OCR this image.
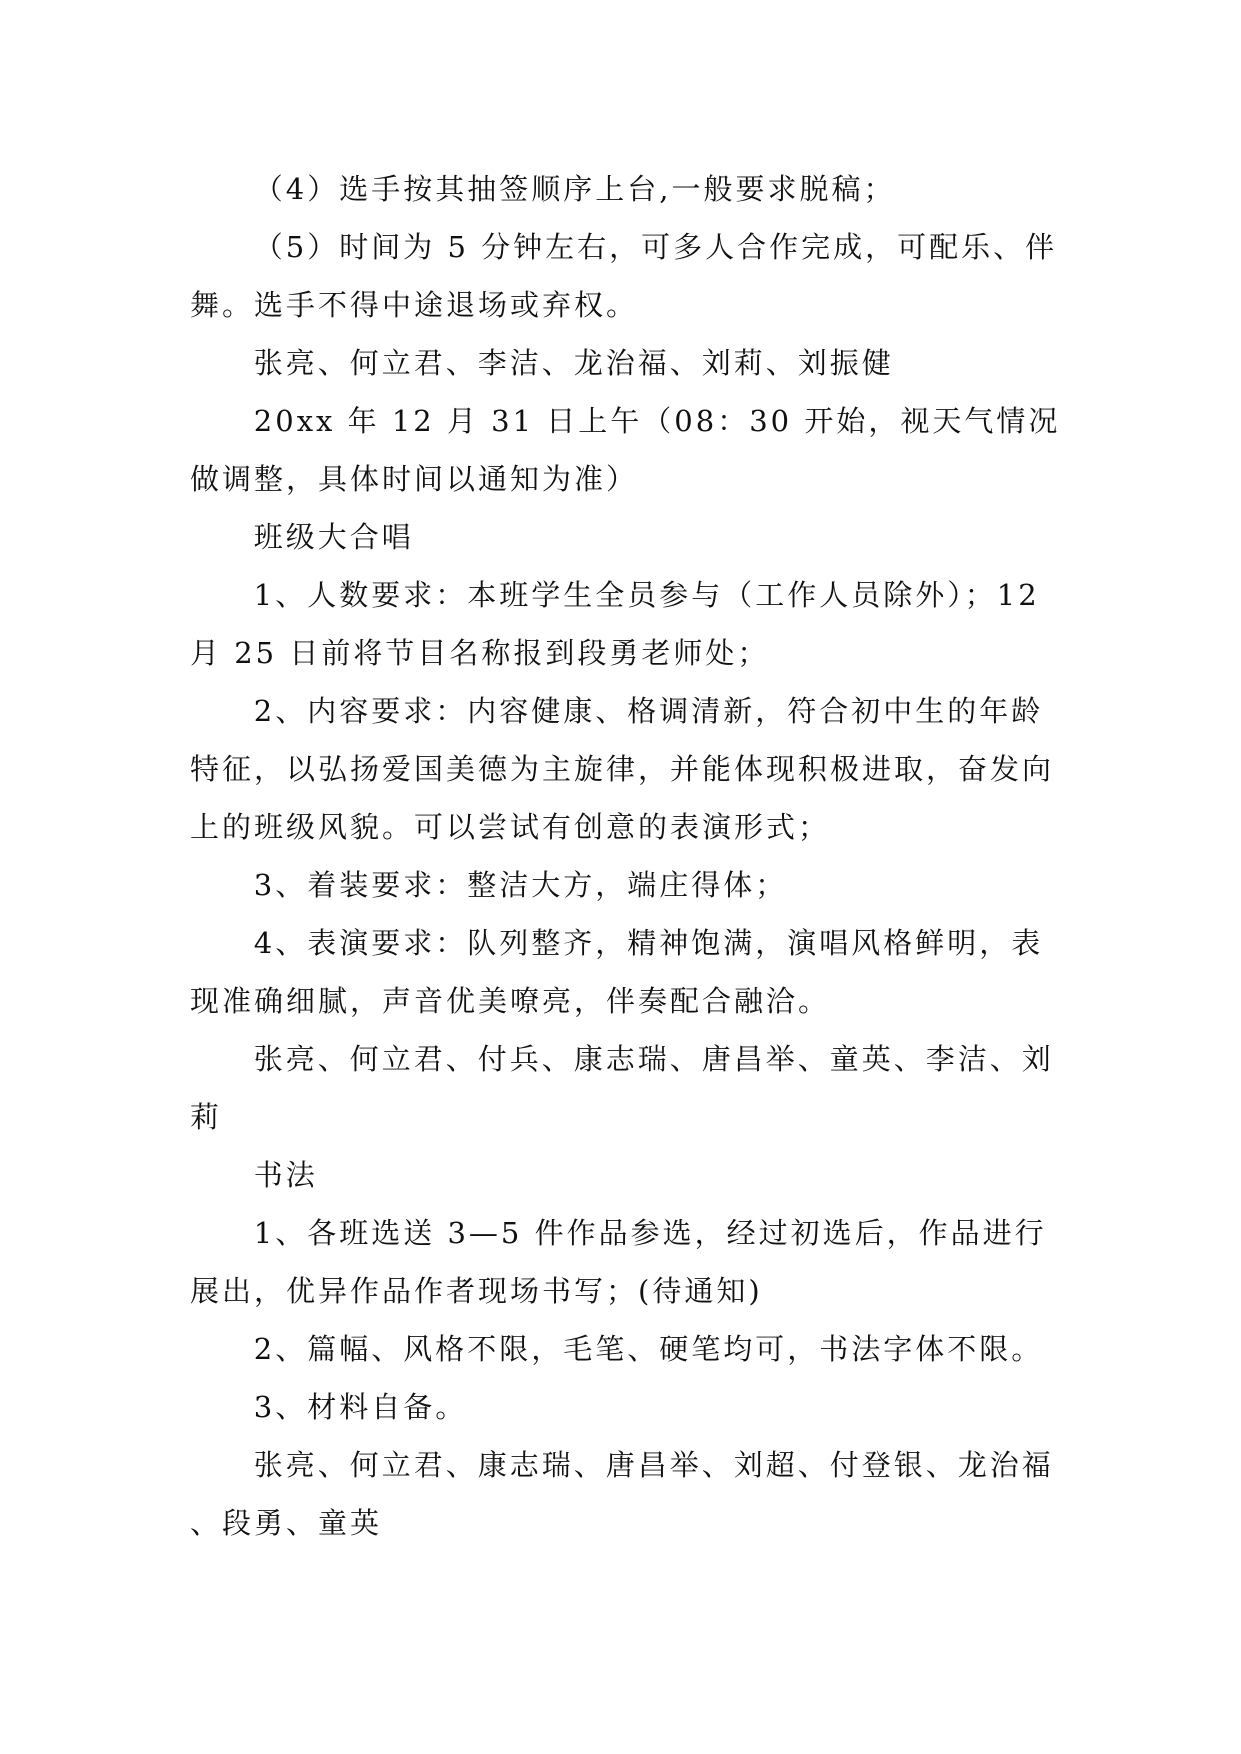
（4）选手按其抽签顺序上台,一般要求脱稿；

（5）时间为 5 分钟左右，可多人合作完成，可配乐、伴舞。选手不得中途退场或弃权。

张亮、何立君、李洁、龙治福、刘莉、刘振健

20xx 年 12 月 31 日上午（08：30 开始，视天气情况做调整，具体时间以通知为准）

班级大合唱

1、人数要求：本班学生全员参与（工作人员除外）；12 月 25 日前将节目名称报到段勇老师处；

2、内容要求：内容健康、格调清新，符合初中生的年龄特征，以弘扬爱国美德为主旋律，并能体现积极进取，奋发向上的班级风貌。可以尝试有创意的表演形式；

3、着装要求：整洁大方，端庄得体；

4、表演要求：队列整齐，精神饱满，演唱风格鲜明，表现准确细腻，声音优美嘹亮，伴奏配合融洽。

张亮、何立君、付兵、康志瑞、唐昌举、童英、李洁、刘莉

书法

1、各班选送 3—5 件作品参选，经过初选后，作品进行展出，优异作品作者现场书写；(待通知)

2、篇幅、风格不限，毛笔、硬笔均可，书法字体不限。

3、材料自备。

张亮、何立君、康志瑞、唐昌举、刘超、付登银、龙治福、段勇、童英
